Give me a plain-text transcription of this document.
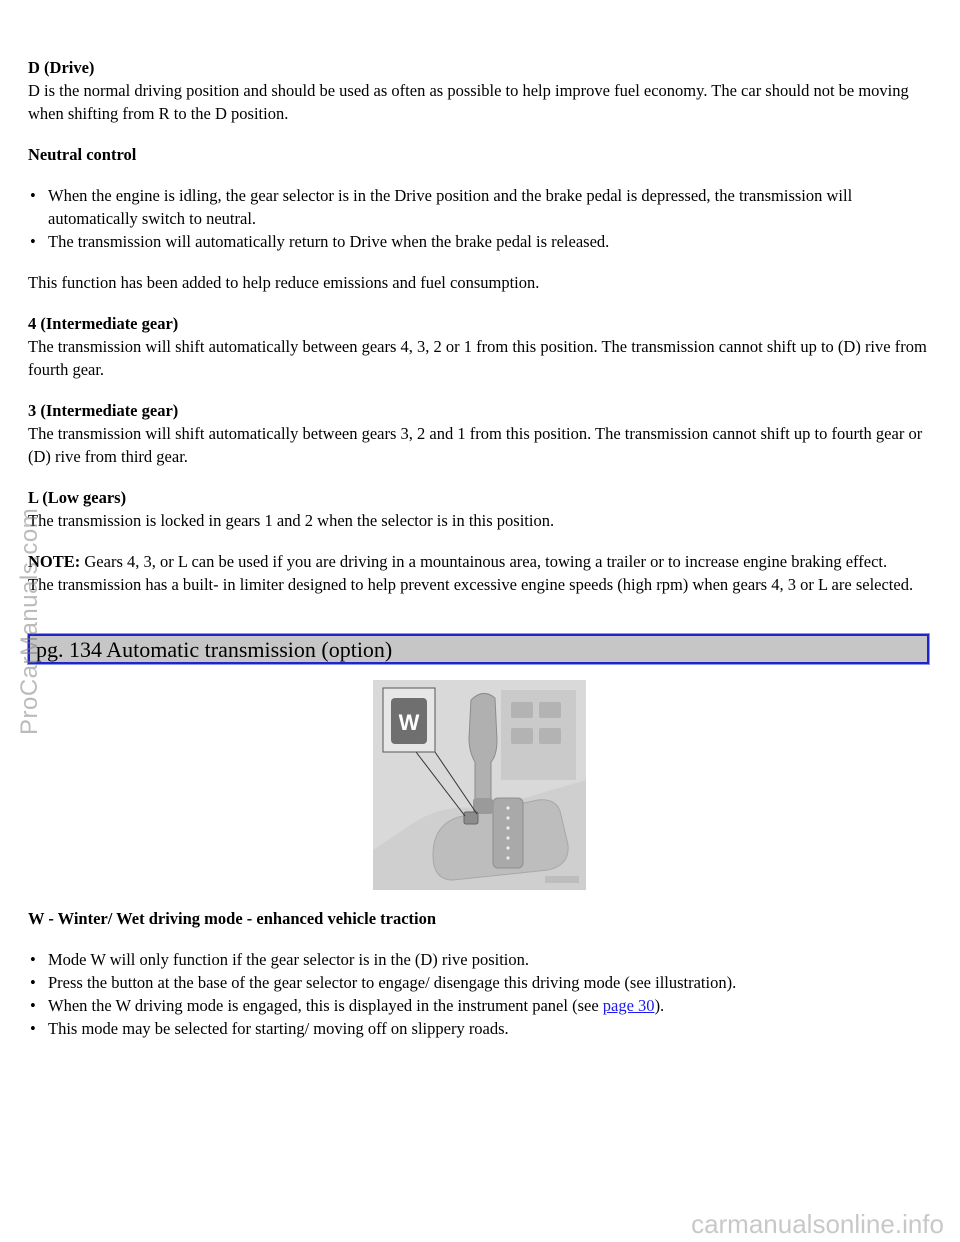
D (Drive)
D is the normal driving position and should be used as often as possible to help improve fuel economy. The car should not be moving when shifting from R to the D position.
Neutral control
• When the engine is idling, the gear selector is in the Drive position and the brake pedal is depressed, the transmission will automatically switch to neutral.
• The transmission will automatically return to Drive when the brake pedal is released.

This function has been added to help reduce emissions and fuel consumption.

4 (Intermediate gear)
The transmission will shift automatically between gears 4, 3, 2 or 1 from this position. The transmission cannot shift up to (D) rive from fourth gear.
3 (Intermediate gear)
The transmission will shift automatically between gears 3, 2 and 1 from this position. The transmission cannot shift up to fourth gear or (D) rive from third gear.
L (Low gears)
The transmission is locked in gears 1 and 2 when the selector is in this position.
NOTE: Gears 4, 3, or L can be used if you are driving in a mountainous area, towing a trailer or to increase engine braking effect.
The transmission has a built- in limiter designed to help prevent excessive engine speeds (high rpm) when gears 4, 3 or L are selected.
pg. 134 Automatic transmission (option)
W
W - Winter/ Wet driving mode - enhanced vehicle traction
• Mode W will only function if the gear selector is in the (D) rive position.
• Press the button at the base of the gear selector to engage/ disengage this driving mode (see illustration).
• When the W driving mode is engaged, this is displayed in the instrument panel (see page 30).
• This mode may be selected for starting/ moving off on slippery roads.
ProCarManuals.com
carmanualsonline.info
